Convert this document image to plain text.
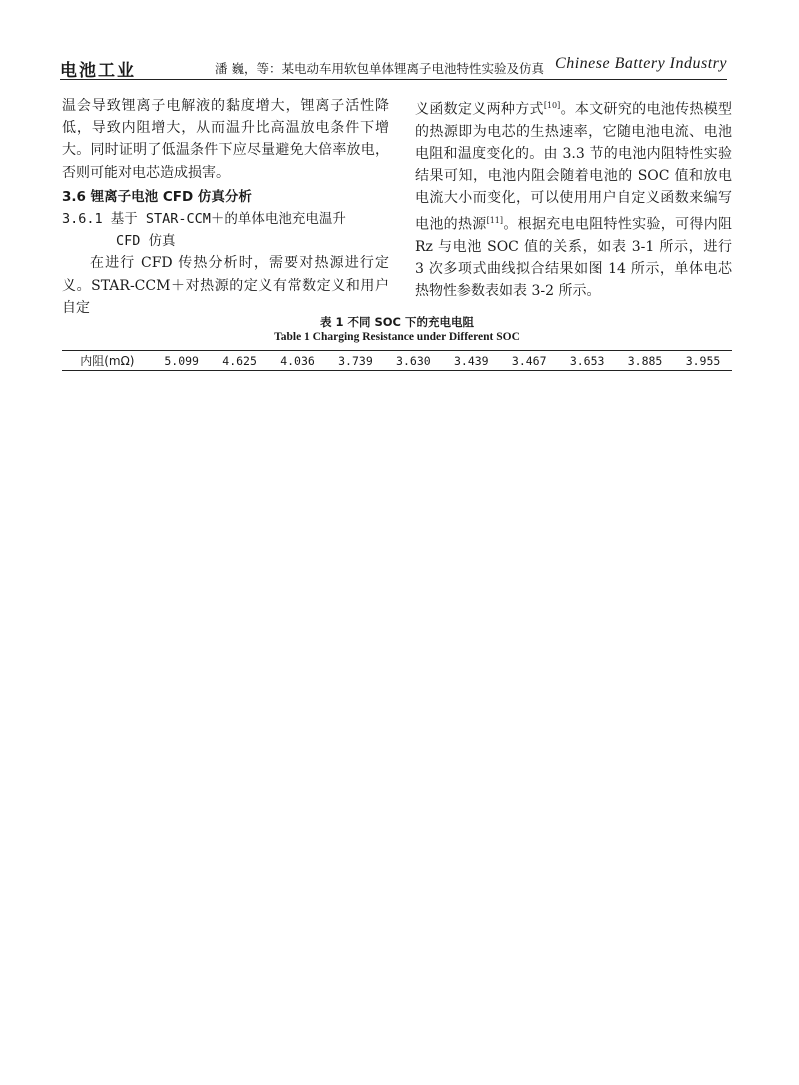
电池工业	潘 巍，等：某电动车用软包单体锂离子电池特性实验及仿真 Chinese Battery Industry

温会导致锂离子电解液的黏度增大，锂离子活性降低，导致内阻增大，从而温升比高温放电条件下增大。同时证明了低温条件下应尽量避免大倍率放电，否则可能对电芯造成损害。

3.6 锂离子电池 CFD 仿真分析

3.6.1 基于 STAR-CCM＋的单体电池充电温升

CFD 仿真

在进行 CFD 传热分析时，需要对热源进行定义。STAR-CCM＋对热源的定义有常数定义和用户自定

义函数定义两种方式[10]。本文研究的电池传热模型的热源即为电芯的生热速率，它随电池电流、电池电阻和温度变化的。由 3.3 节的电池内阻特性实验结果可知，电池内阻会随着电池的 SOC 值和放电电流大小而变化，可以使用用户自定义函数来编写电池的热源[11]。根据充电电阻特性实验，可得内阻 Rz 与电池 SOC 值的关系，如表 3-1 所示，进行 3 次多项式曲线拟合结果如图 14 所示，单体电芯热物性参数表如表 3-2 所示。

表 1 不同 SOC 下的充电电阻
Table 1 Charging Resistance under Different SOC
内阻(mΩ)	5.099	4.625	4.036	3.739	3.630	3.439	3.467	3.653	3.885	3.955
